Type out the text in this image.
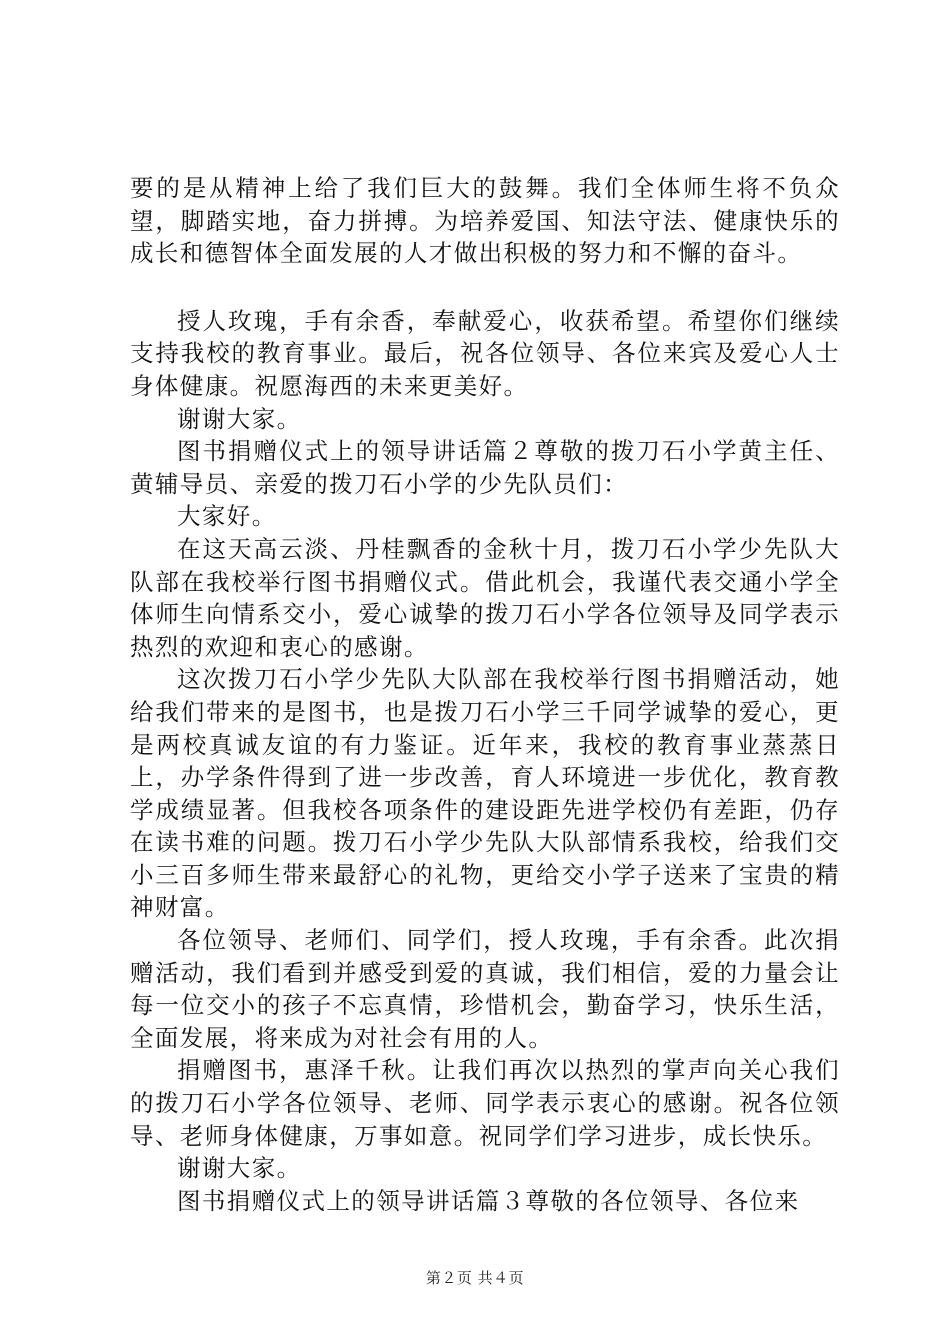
要的是从精神上给了我们巨大的鼓舞。我们全体师生将不负众望，脚踏实地，奋力拼搏。为培养爱国、知法守法、健康快乐的成长和德智体全面发展的人才做出积极的努力和不懈的奋斗。

授人玫瑰，手有余香，奉献爱心，收获希望。希望你们继续支持我校的教育事业。最后，祝各位领导、各位来宾及爱心人士身体健康。祝愿海西的未来更美好。

谢谢大家。

图书捐赠仪式上的领导讲话篇２尊敬的拨刀石小学黄主任、黄辅导员、亲爱的拨刀石小学的少先队员们：

大家好。

在这天高云淡、丹桂飘香的金秋十月，拨刀石小学少先队大队部在我校举行图书捐赠仪式。借此机会，我谨代表交通小学全体师生向情系交小，爱心诚挚的拨刀石小学各位领导及同学表示热烈的欢迎和衷心的感谢。

这次拨刀石小学少先队大队部在我校举行图书捐赠活动，她给我们带来的是图书，也是拨刀石小学三千同学诚挚的爱心，更是两校真诚友谊的有力鉴证。近年来，我校的教育事业蒸蒸日上，办学条件得到了进一步改善，育人环境进一步优化，教育教学成绩显著。但我校各项条件的建设距先进学校仍有差距，仍存在读书难的问题。拨刀石小学少先队大队部情系我校，给我们交小三百多师生带来最舒心的礼物，更给交小学子送来了宝贵的精神财富。

各位领导、老师们、同学们，授人玫瑰，手有余香。此次捐赠活动，我们看到并感受到爱的真诚，我们相信，爱的力量会让每一位交小的孩子不忘真情，珍惜机会，勤奋学习，快乐生活，全面发展，将来成为对社会有用的人。

捐赠图书，惠泽千秋。让我们再次以热烈的掌声向关心我们的拨刀石小学各位领导、老师、同学表示衷心的感谢。祝各位领导、老师身体健康，万事如意。祝同学们学习进步，成长快乐。

谢谢大家。

图书捐赠仪式上的领导讲话篇３尊敬的各位领导、各位来

第２页 共４页
